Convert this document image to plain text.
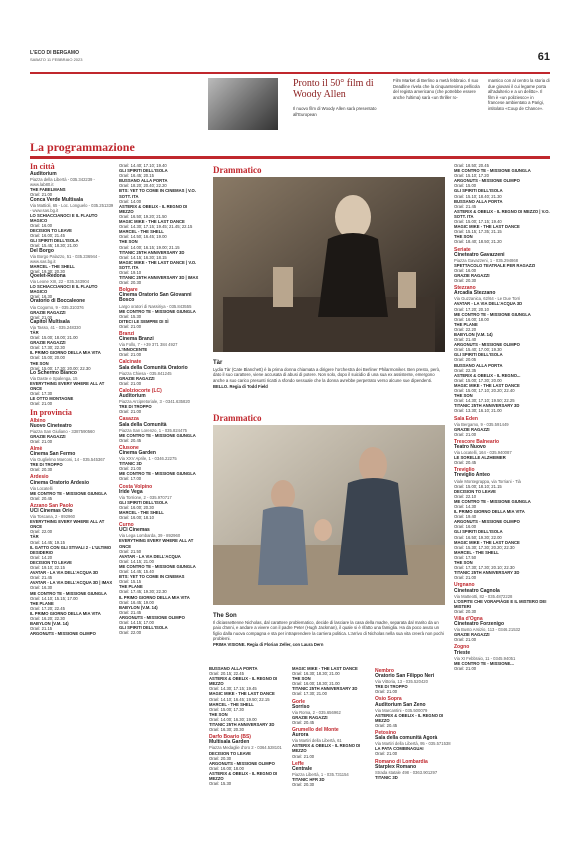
L'ECO DI BERGAMO
SABATO 11 FEBBRAIO 2023	61
Pronto il 50° film di Woody Allen
Il nuovo film di Woody Allen sarà presentato all'European
Film Market di Berlino a metà febbraio. Il suo Deadline rivela che la cinquantesima pellicola del regista americano (che potrebbe essere anche l'ultima) sarà «un thriller ro-
mantico con al centro la storia di due giovani il cui legame porta all'adulterio e a un delitto». Il film è «un poliziesco» in francese ambientato a Parigi, intitolato «Coup de Chance».
La programmazione
In città
Auditorium
Piazza della Libertà - 035.342239 - www.lab80.it
THE FABELMANS
Orari: 21.00
Conca Verde Multisala
Via Mattioli, 65 - Loc. Longuelo - 035.251339 - www.sas.bg.it
LO SCHIACCIANOCI E IL FLAUTO MAGICO
Orari: 16.00
DECISION TO LEAVE
Orari: 16.00; 21.45
GLI SPIRITI DELL'ISOLA
Orari: 15.45; 18.30; 21.00
Del Borgo
Via Borgo Palazzo, 51 - 035.236944 - www.sas.bg.it
MARCEL - THE SHELL
Orari: 19.30; 20.30
Qoelet-Redona
Via Leone XIII, 22 - 035.343904
LO SCHIACCIANOCI E IL FLAUTO MAGICO
Orari: 16.30
Oratorio di Boccaleone
Via Cogorno, 9 - 035.310376
GRAZIE RAGAZZI
Orari: 21.00
Capitol Multisala
Via Tasso, 41 - 035.248330
TÀR
Orari: 15.00; 18.00; 21.00
GRAZIE RAGAZZI
Orari: 17.30; 22.30
IL PRIMO GIORNO DELLA MIA VITA
Orari: 15.00; 20.00
THE SON
Orari: 15.00; 17.30; 20.00; 22.30
Lo Schermo Bianco
Via Daste e Spalenga, 15
EVERYTHING EVERY WHERE ALL AT ONCE
Orari: 17.30
LE OTTO MONTAGNE
Orari: 21.00
In provincia
Albino
Nuovo Cineteatro
Piazza San Giuliano - 3387590560
GRAZIE RAGAZZI
Orari: 21.00
Almè
Cinema San Fermo
Via Guglielmo Marconi, 14 - 035.545367
TRE DI TROPPO
Orari: 20.30
Ardesio
Cinema Oratorio Ardesio
Via Locatelli
ME CONTRO TE - MISSIONE GIUNGLA
Orari: 20.45
Azzano San Paolo
UCI Cinemas Orio
Via Toscana, 2 - 892960
EVERYTHING EVERY WHERE ALL AT ONCE
Orari: 22.00
TÀR
Orari: 14.45; 19.15
IL GATTO CON GLI STIVALI 2 - L'ULTIMO DESIDERIO
Orari: 14.20
DECISION TO LEAVE
Orari: 19.10; 22.15
AVATAR - LA VIA DELL'ACQUA 3D
Orari: 21.45
AVATAR - LA VIA DELL'ACQUA 3D | IMAX
Orari: 16.30
ME CONTRO TE - MISSIONE GIUNGLA
Orari: 14.10; 15.15; 17.00
THE PLANE
Orari: 17.20; 22.45
IL PRIMO GIORNO DELLA MIA VITA
Orari: 16.20; 22.30
BABYLON (V.M. 14)
Orari: 21.15
ARGONUTS - MISSIONE OLIMPO
Orari: 14.40; 17.10; 19.40
GLI SPIRITI DELL'ISOLA
Orari: 16.45; 20.15
BUSSANO ALLA PORTA
Orari: 18.20; 20.40; 22.20
BTS: YET TO COME IN CINEMAS | V.O. SOTT. ITA
Orari: 14.00
ASTERIX & OBELIX - IL REGNO DI MEZZO
Orari: 16.50; 19.20; 21.50
MAGIC MIKE - THE LAST DANCE
Orari: 14.30; 17.15; 19.45; 21.45; 22.15
MARCEL - THE SHELL
Orari: 14.50; 16.45; 19.00
THE SON
Orari: 14.00; 16.15; 19.00; 21.15
TITANIC 25TH ANNIVERSARY 3D
Orari: 14.15; 16.30; 18.15
MAGIC MIKE - THE LAST DANCE | V.O. SOTT. ITA
Orari: 19.10
TITANIC 25TH ANNIVERSARY 3D | IMAX
Orari: 20.30
Bolgare
Cinema Oratorio San Giovanni Bosco
Largo oratori di Nassiriya - 035.843555
ME CONTRO TE - MISSIONE GIUNGLA
Orari: 15.30
DITECI LE SEMPRE DI SÌ
Orari: 21.00
Branzi
Cinema Branzi
Via Follo, 7 - +39 371 384 4927
L'INNOCENTE
Orari: 21.00
Calcinate
Sala della Comunità Oratorio
Piazza Chiesa - 035.841245
GRAZIE RAGAZZI
Orari: 21.00
Calolziocorte (LC)
Auditorium
Piazza Arcipretoriale, 3 - 0341.635820
TRE DI TROPPO
Orari: 21.00
Casazza
Sala della Comunità
Piazza San Lorenzo, 1 - 035.824475
ME CONTRO TE - MISSIONE GIUNGLA
Orari: 20.45
Clusone
Cinema Garden
Via XXV Aprile, 1 - 0346.22275
TITANIC 3D
Orari: 21.00
ME CONTRO TE - MISSIONE GIUNGLA
Orari: 17.00
Costa Volpino
Iride Vega
Via Torrione, 2 - 035.970717
GLI SPIRITI DELL'ISOLA
Orari: 16.00; 20.30
MARCEL - THE SHELL
Orari: 16.00; 18.10
Curno
UCI Cinemas
Via Lega Lombarda, 39 - 892960
EVERYTHING EVERY WHERE ALL AT ONCE
Orari: 21.50
AVATAR - LA VIA DELL'ACQUA
Orari: 14.15; 21.00
ME CONTRO TE - MISSIONE GIUNGLA
Orari: 14.45; 15.40
BTS: YET TO COME IN CINEMAS
Orari: 15.15
THE PLANE
Orari: 17.45; 19.30; 22.30
IL PRIMO GIORNO DELLA MIA VITA
Orari: 16.45; 19.00
BABYLON (V.M. 14)
Orari: 21.45
ARGONUTS - MISSIONE OLIMPO
Orari: 14.15; 17.00
GLI SPIRITI DELL'ISOLA
Orari: 22.00
Drammatico
Tàr
Lydia Tàr (Cate Blanchett) è la prima donna chiamata a dirigere l'orchestra dei Berliner Philarmoniker. Ben presto, però, dato il suo carattere, viene accusata di abusi di potere. Non solo, dopo il suicidio di una sua ex assistente, emergono anche a suo carico presunti ricatti a sfondo sessuale che la donna avrebbe perpetrato verso alcune sue dipendenti.
BELLO. Regia di Todd Field
Drammatico
The Son
Il diciassettenne Nicholas, dal carattere problematico, decide di lasciare la casa della madre, separata dal marito da un paio d'anni, e andare a vivere con il padre Peter (Hugh Jackman), il quale si è rifatto una famiglia. Ha da poco avuto un figlio dalla nuova compagna e sta per intraprendere la carriera politica. L'arrivo di Nicholas nella sua vita creerà non pochi problemi.
PRIMA VISIONE. Regia di Florian Zeller, con Laura Dern
Orari: 18.50; 20.45
ME CONTRO TE - MISSIONE GIUNGLA
Orari: 15.10; 17.20
ARGONUTS - MISSIONE OLIMPO
Orari: 15.00
GLI SPIRITI DELL'ISOLA
Orari: 15.10; 18.40; 21.30
BUSSANO ALLA PORTA
Orari: 21.45
ASTERIX & OBELIX - IL REGNO DI MEZZO | V.O. SOTT. ITA
Orari: 15.00; 17.15; 19.40
MAGIC MIKE - THE LAST DANCE
Orari: 15.15; 17.35; 21.15
THE SON
Orari: 18.40; 18.50; 21.20
Seriate
Cineteatro Gavazzeni
Piazza Gavazzeni, 1 - 035.294868
SPETTACOLO TEATRALE PER RAGAZZI
Orari: 16.00
GRAZIE RAGAZZI
Orari: 20.30
Stezzano
Arcadia Stezzano
Via Guzzanica, 62/64 - Le Due Torri
AVATAR - LA VIA DELL'ACQUA 3D
Orari: 17.20; 20.10
ME CONTRO TE - MISSIONE GIUNGLA
Orari: 16.00; 18.00
THE PLANE
Orari: 22.20
BABYLON (V.M. 14)
Orari: 21.40
ARGONUTS - MISSIONE OLIMPO
Orari: 15.40; 17.00; 19.30
GLI SPIRITI DELL'ISOLA
Orari: 20.05
BUSSANO ALLA PORTA
Orari: 22.35
ASTERIX & OBELIX - IL REGNO...
Orari: 15.00; 17.30; 20.00
MAGIC MIKE - THE LAST DANCE
Orari: 15.00; 17.10; 20.20; 22.40
THE SON
Orari: 14.30; 17.10; 19.50; 22.25
TITANIC 25TH ANNIVERSARY 3D
Orari: 13.30; 16.10; 21.00
Sala Eden
Via Bergamo, 9 - 035.591449
GRAZIE RAGAZZI
Orari: 21.00
Trescore Balneario
Teatro Nuovo
Via Locatelli, 164 - 035.940087
LE SORELLE ALZHEIMER
Orari: 20.45
Treviglio
Treviglio Anteo
Viale Montegrappa, via Torriani - Tià
Orari: 15.00; 18.10; 21.15
DECISION TO LEAVE
Orari: 22.10
ME CONTRO TE - MISSIONE GIUNGLA
Orari: 14.30
IL PRIMO GIORNO DELLA MIA VITA
Orari: 19.40
ARGONUTS - MISSIONE OLIMPO
Orari: 16.00
GLI SPIRITI DELL'ISOLA
Orari: 16.50; 19.30; 22.00
MAGIC MIKE - THE LAST DANCE
Orari: 15.30; 17.30; 20.20; 22.30
MARCEL - THE SHELL
Orari: 17.50
THE SON
Orari: 17.30; 17.30; 20.10; 22.30
TITANIC 25TH ANNIVERSARY 3D
Orari: 21.00
Urgnano
Cineteatro Cagnola
Via Matteotti, 82 - 035.4872228
L'OSPITE CHE VORAPIÀGE E IL MISTERO DEI MISTERI
Orari: 20.30
Villa d'Ogna
Cineteatro Forzenigo
Via Busto Arsizio, 113 - 0346.21532
GRAZIE RAGAZZI
Orari: 21.00
Zogno
Trieste
Via XI Febbraio, 11 - 0345.94051
ME CONTRO TE - MISSIONE...
Orari: 21.00
BUSSANO ALLA PORTA
Orari: 20.15; 22.45
ASTERIX & OBELIX - IL REGNO DI MEZZO
Orari: 14.30; 17.15; 19.45
MAGIC MIKE - THE LAST DANCE
Orari: 14.10; 16.45; 19.50; 22.15
MARCEL - THE SHELL
Orari: 15.00; 17.30
THE SON
Orari: 14.00; 16.30; 19.00
TITANIC 25TH ANNIVERSARY 3D
Orari: 16.30; 20.30
Darfo Boario (BS)
Multisala Garden
Piazza Medaglie d'oro 2 - 0364.528101
DECISION TO LEAVE
Orari: 20.30
ARGONUTS - MISSIONE OLIMPO
Orari: 16.00; 18.00
ASTERIX & OBELIX - IL REGNO DI MEZZO
Orari: 15.30
MAGIC MIKE - THE LAST DANCE
Orari: 16.30; 18.30; 21.00
THE SON
Orari: 16.00; 18.30; 21.00
TITANIC 25TH ANNIVERSARY 3D
Orari: 17.30; 21.00
Gorle
Sorriso
Via Roma, 2 - 035.656962
GRAZIE RAGAZZI
Orari: 20.45
Grumello del Monte
Aurora
Via Martiri della Libertà, 61
ASTERIX & OBELIX - IL REGNO DI MEZZO
Orari: 21.00
Leffe
Centrale
Piazza Libertà, 1 - 035.731154
TITANIC HFR 3D
Orari: 20.30
Nembro
Oratorio San Filippo Neri
Via Vittoria, 13 - 035.520420
TRE DI TROPPO
Orari: 21.00
Osio Sopra
Auditorium San Zeno
Via Marcantini - 035.500079
ASTERIX & OBELIX - IL REGNO DI MEZZO
Orari: 20.45
Petosino
Sala della comunità Agorà
Via Martiri della Libertà, 95 - 035.571538
LA PATA COMBINAGUAI
Orari: 21.00
Romano di Lombardia
Starplex Romano
Strada statale 498 - 0363.901297
TITANIC 3D
